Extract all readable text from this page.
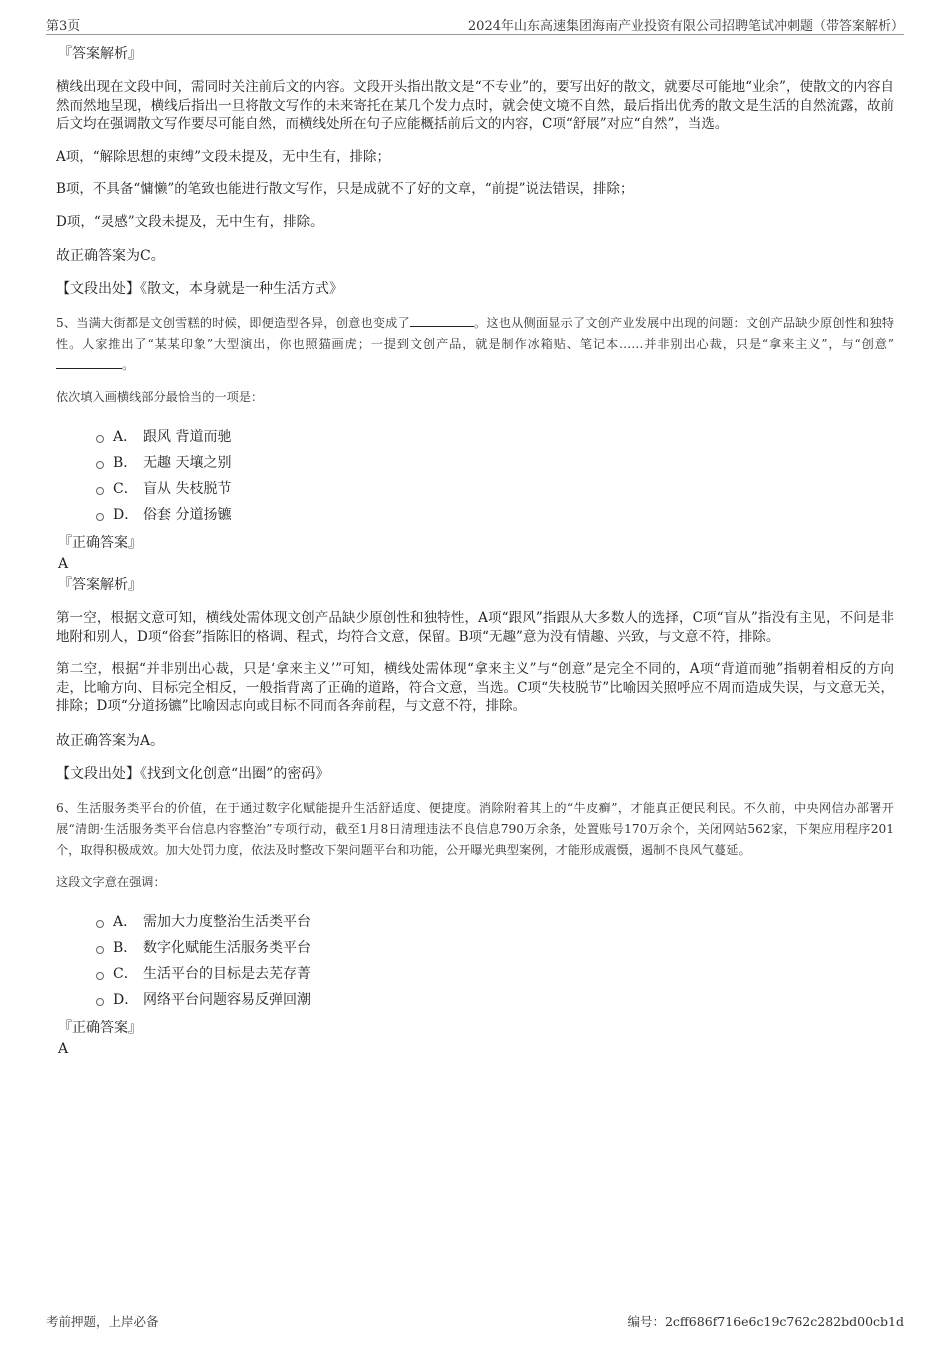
第3页	2024年山东高速集团海南产业投资有限公司招聘笔试冲刺题（带答案解析）
『答案解析』

横线出现在文段中间，需同时关注前后文的内容。文段开头指出散文是“不专业”的，要写出好的散文，就要尽可能地“业余”，使散文的内容自然而然地呈现，横线后指出一旦将散文写作的未来寄托在某几个发力点时，就会使文境不自然，最后指出优秀的散文是生活的自然流露，故前后文均在强调散文写作要尽可能自然，而横线处所在句子应能概括前后文的内容，C项“舒展”对应“自然”，当选。

A项，“解除思想的束缚”文段未提及，无中生有，排除；

B项，不具备“慵懒”的笔致也能进行散文写作，只是成就不了好的文章，“前提”说法错误，排除；

D项，“灵感”文段未提及，无中生有，排除。

故正确答案为C。

【文段出处】《散文，本身就是一种生活方式》

5、当满大街都是文创雪糕的时候，即便造型各异，创意也变成了	。这也从侧面显示了文创产业发展中出现的问题：文创产品缺少原创性和独特性。人家推出了“某某印象”大型演出，你也照猫画虎；一提到文创产品，就是制作冰箱贴、笔记本……并非别出心裁，只是“拿来主义”，与“创意”。

依次填入画横线部分最恰当的一项是：
A． 跟风 背道而驰
B． 无趣 天壤之别
C． 盲从 失枝脱节
D． 俗套 分道扬镳
『正确答案』
A
『答案解析』

第一空，根据文意可知，横线处需体现文创产品缺少原创性和独特性，A项“跟风”指跟从大多数人的选择，C项“盲从”指没有主见，不问是非地附和别人，D项“俗套”指陈旧的格调、程式，均符合文意，保留。B项“无趣”意为没有情趣、兴致，与文意不符，排除。

第二空，根据“并非别出心裁，只是‘拿来主义’”可知，横线处需体现“拿来主义”与“创意”是完全不同的，A项“背道而驰”指朝着相反的方向走，比喻方向、目标完全相反，一般指背离了正确的道路，符合文意，当选。C项“失枝脱节”比喻因关照呼应不周而造成失误，与文意无关，排除；D项“分道扬镳”比喻因志向或目标不同而各奔前程，与文意不符，排除。

故正确答案为A。

【文段出处】《找到文化创意“出圈”的密码》

6、生活服务类平台的价值，在于通过数字化赋能提升生活舒适度、便捷度。消除附着其上的“牛皮癣”，才能真正便民利民。不久前，中央网信办部署开展“清朗·生活服务类平台信息内容整治”专项行动，截至1月8日清理违法不良信息790万余条，处置账号170万余个，关闭网站562家，下架应用程序201个，取得积极成效。加大处罚力度，依法及时整改下架问题平台和功能，公开曝光典型案例，才能形成震慑，遏制不良风气蔓延。

这段文字意在强调：
A． 需加大力度整治生活类平台
B． 数字化赋能生活服务类平台
C． 生活平台的目标是去芜存菁
D． 网络平台问题容易反弹回潮
『正确答案』
A
考前押题，上岸必备	编号：2cff686f716e6c19c762c282bd00cb1d
